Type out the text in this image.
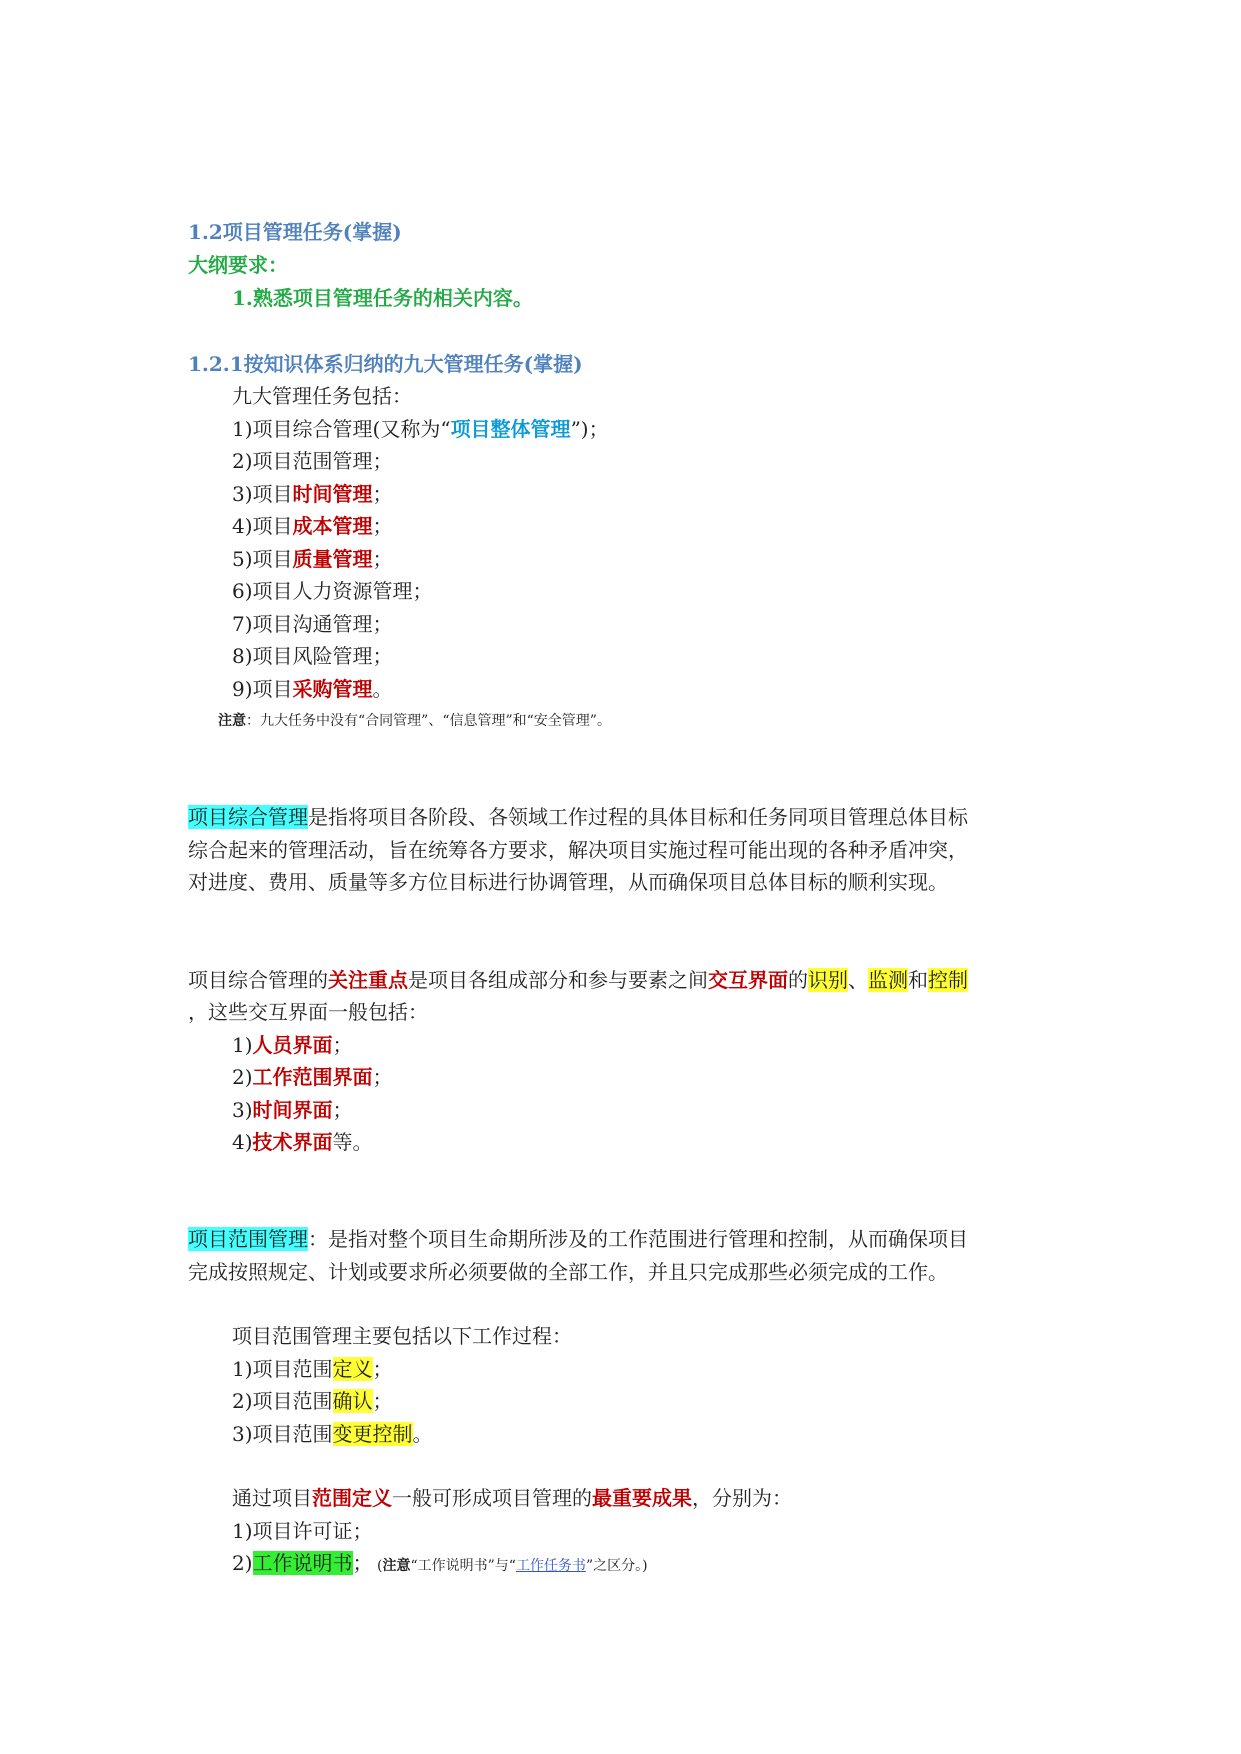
1.2项目管理任务(掌握)
大纲要求：
1.熟悉项目管理任务的相关内容。
1.2.1按知识体系归纳的九大管理任务(掌握)
九大管理任务包括：
1)项目综合管理(又称为“项目整体管理”)；
2)项目范围管理；
3)项目时间管理；
4)项目成本管理；
5)项目质量管理；
6)项目人力资源管理；
7)项目沟通管理；
8)项目风险管理；
9)项目采购管理。
注意：九大任务中没有“合同管理”、“信息管理”和“安全管理”。
项目综合管理是指将项目各阶段、各领域工作过程的具体目标和任务同项目管理总体目标
综合起来的管理活动，旨在统筹各方要求，解决项目实施过程可能出现的各种矛盾冲突，
对进度、费用、质量等多方位目标进行协调管理，从而确保项目总体目标的顺利实现。
项目综合管理的关注重点是项目各组成部分和参与要素之间交互界面的识别、监测和控制
，这些交互界面一般包括：
1)人员界面；
2)工作范围界面；
3)时间界面；
4)技术界面等。
项目范围管理：是指对整个项目生命期所涉及的工作范围进行管理和控制，从而确保项目
完成按照规定、计划或要求所必须要做的全部工作，并且只完成那些必须完成的工作。
项目范围管理主要包括以下工作过程：
1)项目范围定义；
2)项目范围确认；
3)项目范围变更控制。
通过项目范围定义一般可形成项目管理的最重要成果，分别为：
1)项目许可证；
2)工作说明书； (注意“工作说明书”与“工作任务书”之区分。)
